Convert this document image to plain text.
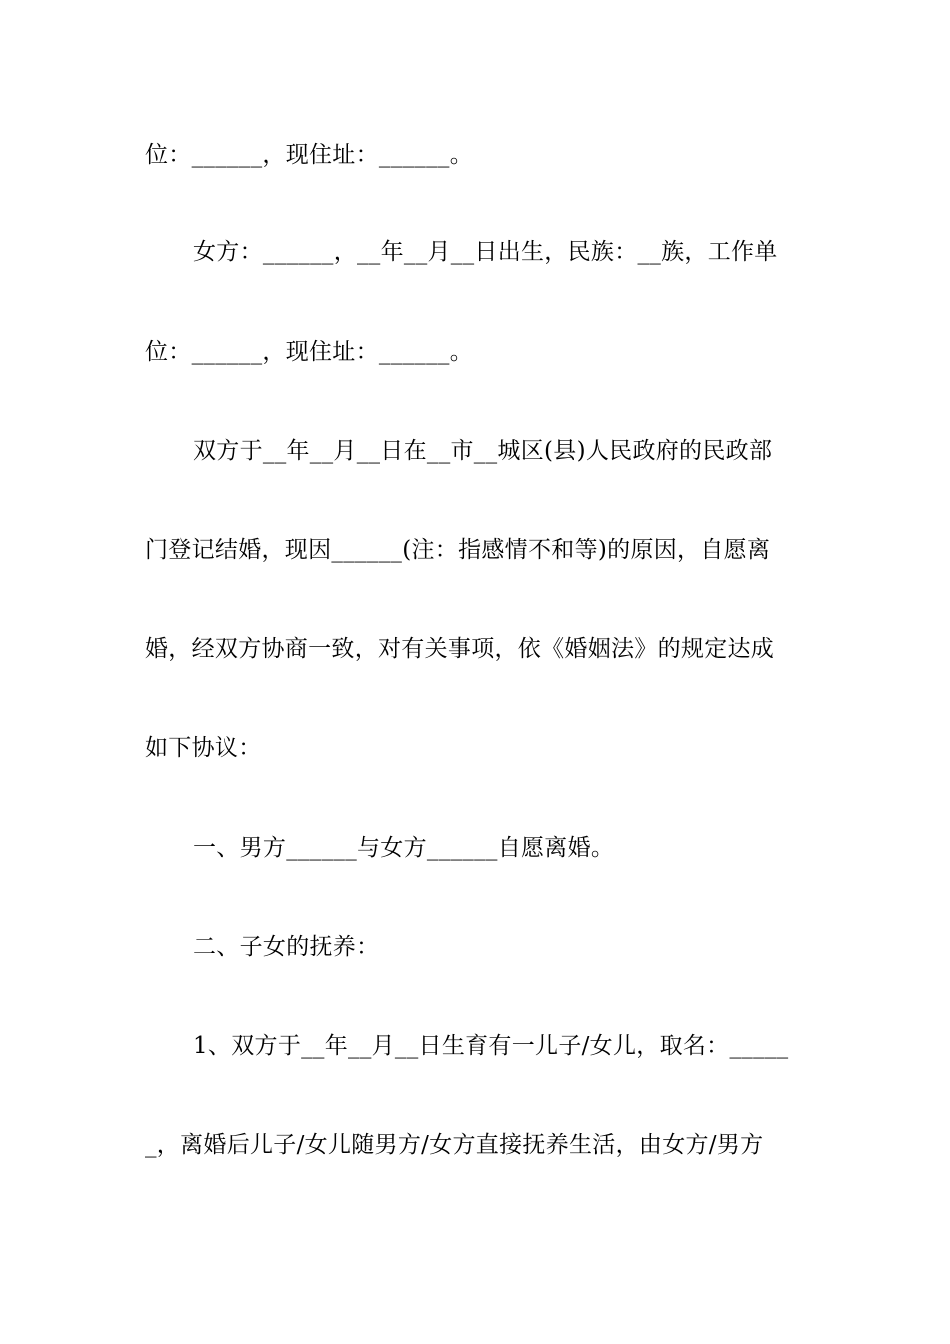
位：______，现住址：______。
女方：______，__年__月__日出生，民族：__族，工作单
位：______，现住址：______。
双方于__年__月__日在__市__城区(县)人民政府的民政部
门登记结婚，现因______(注：指感情不和等)的原因，自愿离
婚，经双方协商一致，对有关事项，依《婚姻法》的规定达成
如下协议：
一、男方______与女方______自愿离婚。
二、子女的抚养：
1、双方于__年__月__日生育有一儿子/女儿，取名：_____
_，离婚后儿子/女儿随男方/女方直接抚养生活，由女方/男方
